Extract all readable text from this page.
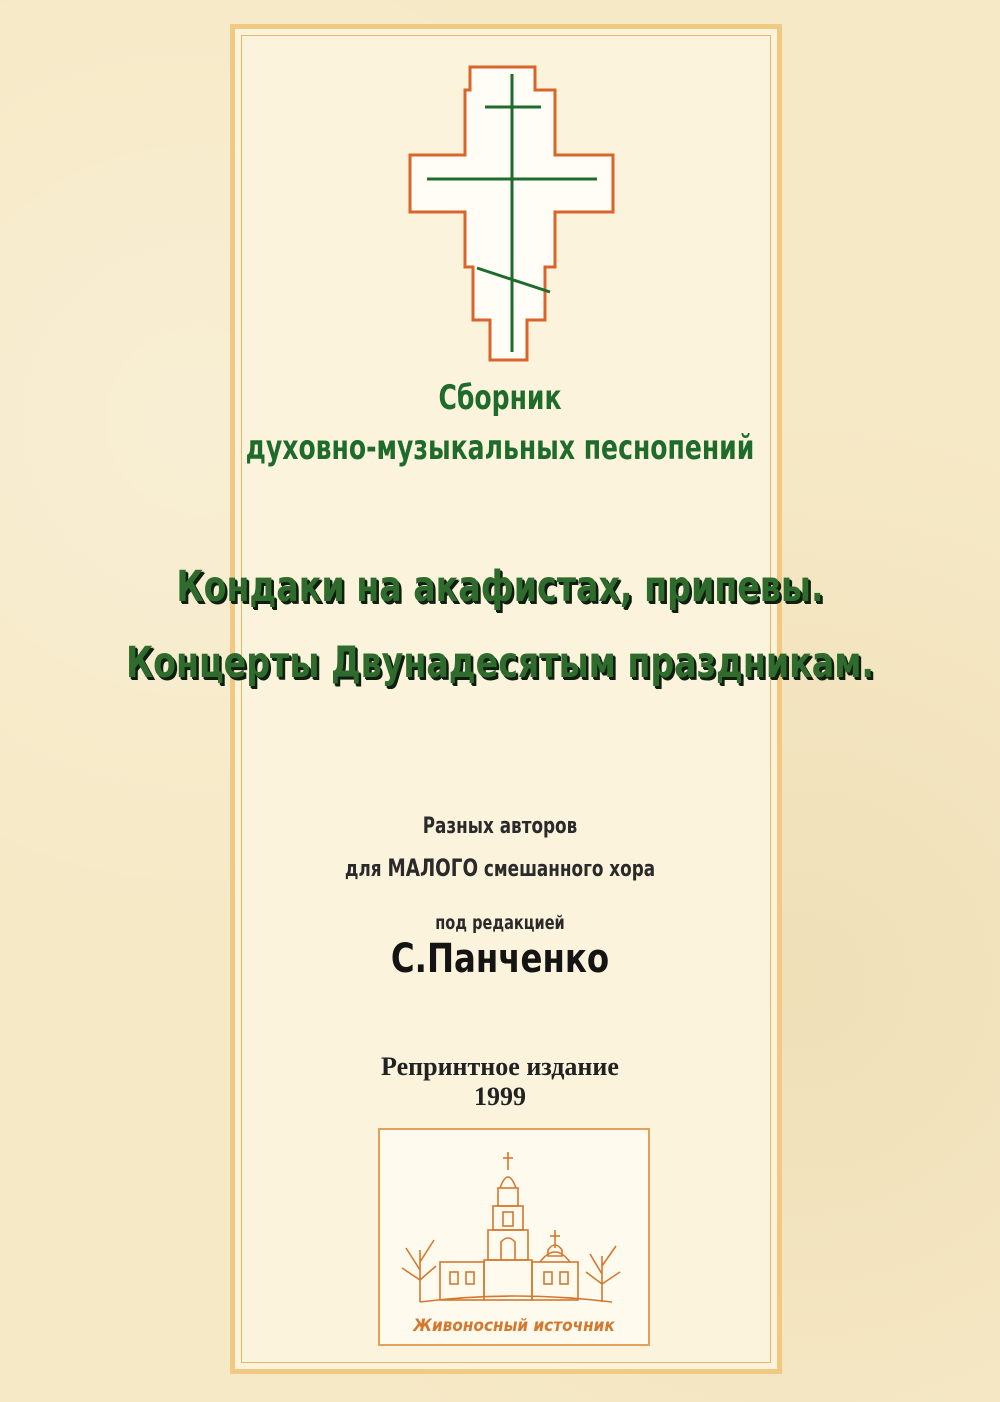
Сборник
духовно-музыкальных песнопений
Кондаки на акафистах, припевы.
Концерты Двунадесятым праздникам.
Разных авторов
для МАЛОГО смешанного хора
под редакцией
С.Панченко
Репринтное издание
1999
Живоносный источник
